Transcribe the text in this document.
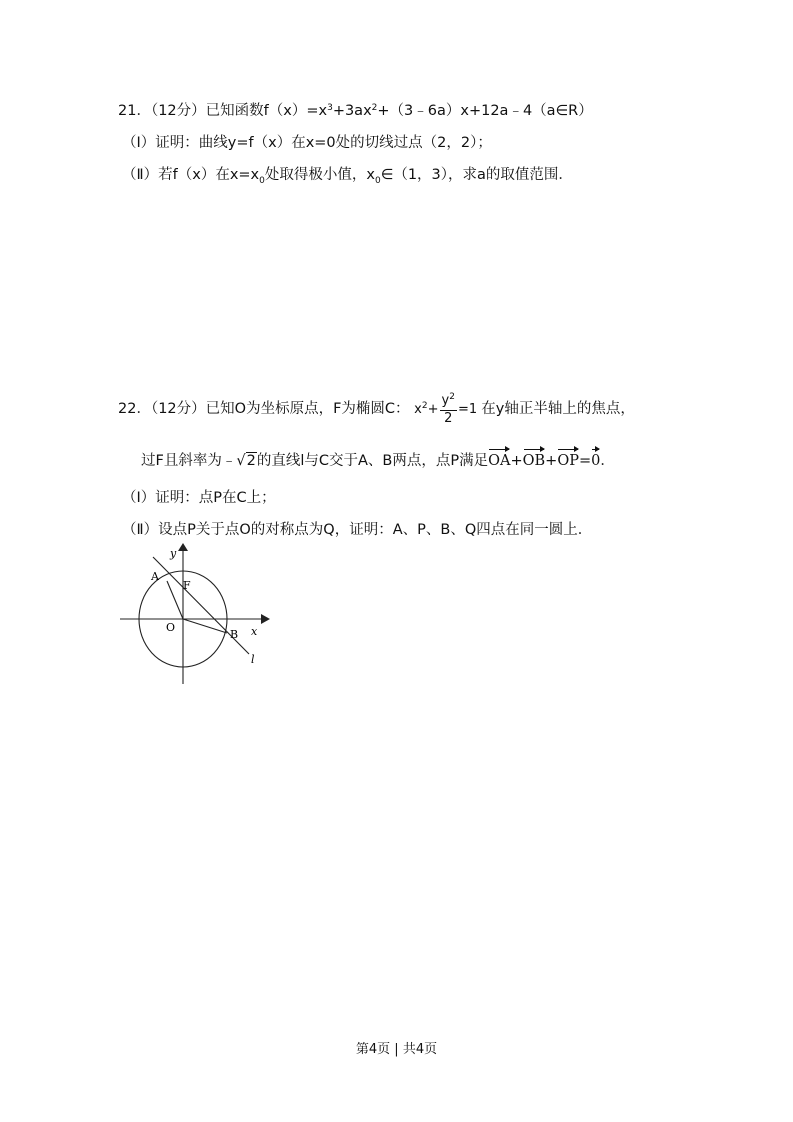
21．（12分）已知函数$f(x)=x^3+3ax^2+(3﹣6a)x+12a﹣4(a\in R)$
（Ⅰ）证明：曲线y=f（x）在x=0处的切线过点（2，2）；
（Ⅱ）若f（x）在$x=x_0$处取得极小值，$x_0\in(1$，3），求a的取值范围．
22．（12分）已知O为坐标原点，F为椭圆C： $x^2+ \frac{y^2}{2} =1$ 在y轴正半轴上的焦点，
过F且斜率为﹣√2的直线l与C交于A、B两点，点P满足OA+OB+OP=0．
（Ⅰ）证明：点P在C上；
（Ⅱ）设点P关于点O的对称点为Q，证明：A、P、B、Q四点在同一圆上．
y
x
A
F
O
B
l
第4页 | 共4页
